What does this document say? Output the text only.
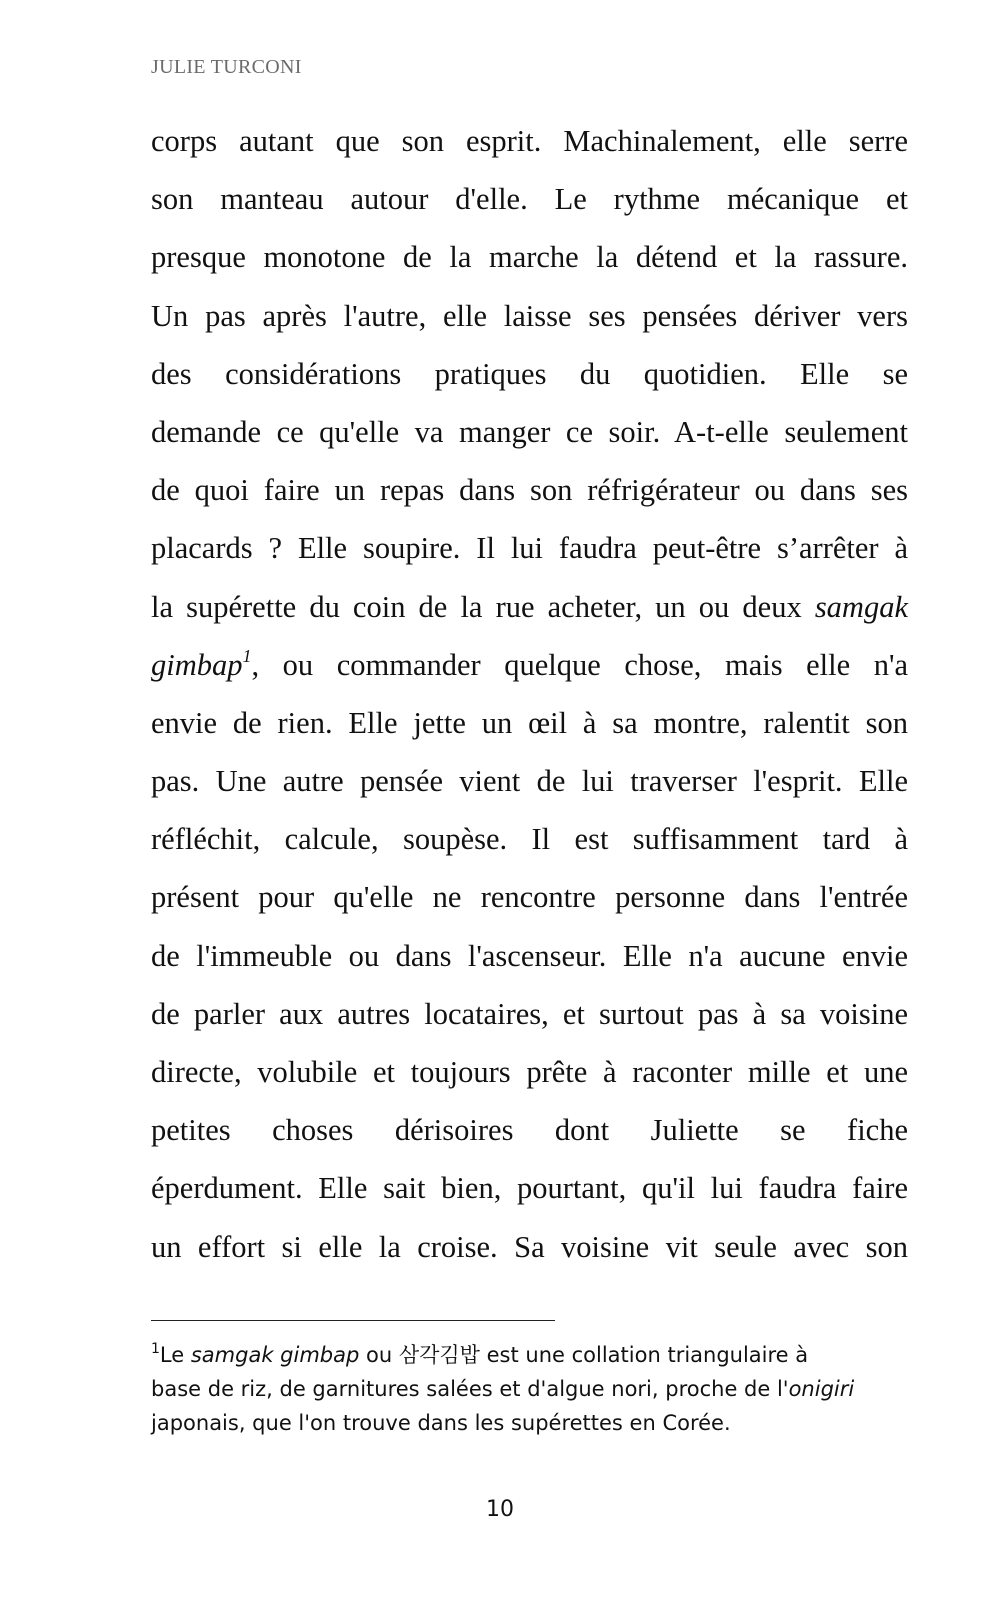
JULIE TURCONI
corps autant que son esprit. Machinalement, elle serre
son manteau autour d'elle. Le rythme mécanique et
presque monotone de la marche la détend et la rassure.
Un pas après l'autre, elle laisse ses pensées dériver vers
des considérations pratiques du quotidien. Elle se
demande ce qu'elle va manger ce soir. A-t-elle seulement
de quoi faire un repas dans son réfrigérateur ou dans ses
placards ? Elle soupire. Il lui faudra peut-être s’arrêter à
la supérette du coin de la rue acheter, un ou deux samgak
gimbap$^1$, ou commander quelque chose, mais elle n'a
envie de rien. Elle jette un œil à sa montre, ralentit son
pas. Une autre pensée vient de lui traverser l'esprit. Elle
réfléchit, calcule, soupèse. Il est suffisamment tard à
présent pour qu'elle ne rencontre personne dans l'entrée
de l'immeuble ou dans l'ascenseur. Elle n'a aucune envie
de parler aux autres locataires, et surtout pas à sa voisine
directe, volubile et toujours prête à raconter mille et une
petites choses dérisoires dont Juliette se fiche
éperdument. Elle sait bien, pourtant, qu'il lui faudra faire
un effort si elle la croise. Sa voisine vit seule avec son
$^1$Le samgak gimbap ou 삼각김밥 est une collation triangulaire à
base de riz, de garnitures salées et d'algue nori, proche de l'onigiri
japonais, que l'on trouve dans les supérettes en Corée.
10
